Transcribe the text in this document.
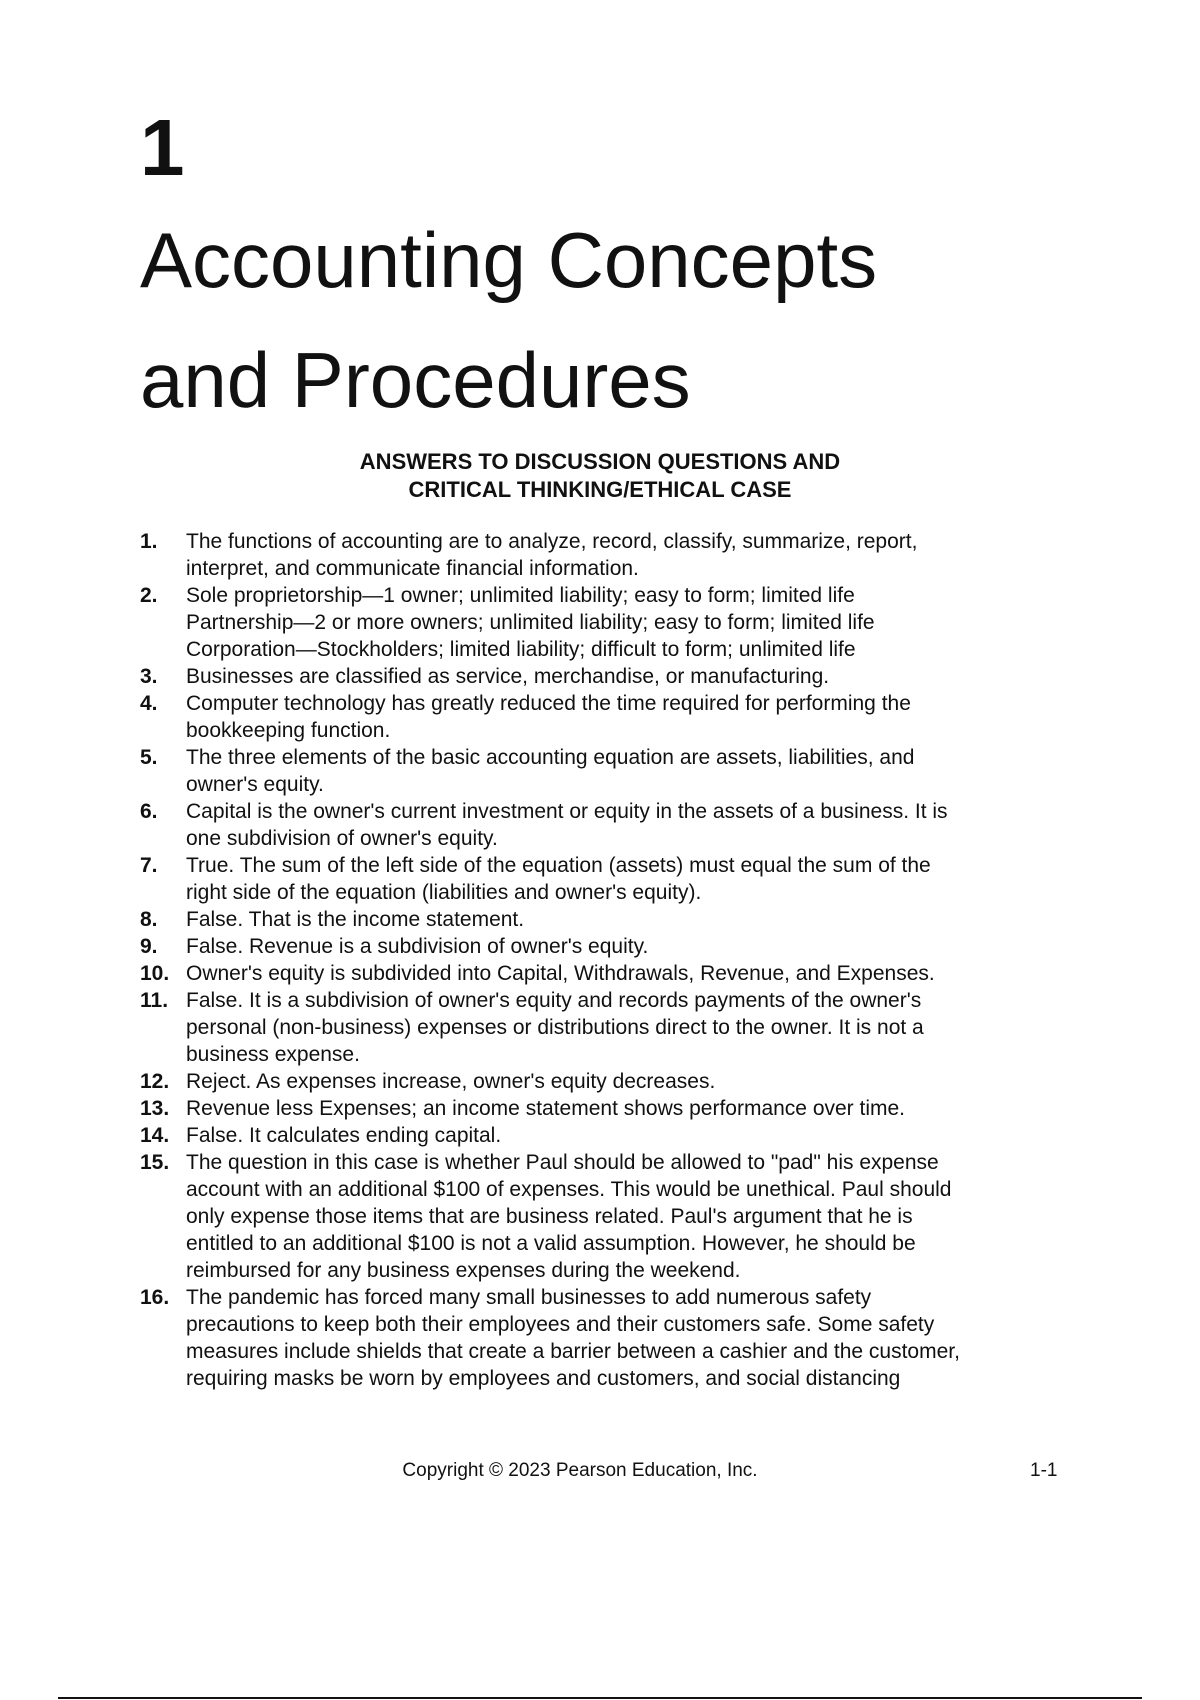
1
Accounting Concepts
and Procedures
ANSWERS TO DISCUSSION QUESTIONS AND
CRITICAL THINKING/ETHICAL CASE
1. The functions of accounting are to analyze, record, classify, summarize, report,
interpret, and communicate financial information.
2. Sole proprietorship—1 owner; unlimited liability; easy to form; limited life
Partnership—2 or more owners; unlimited liability; easy to form; limited life
Corporation—Stockholders; limited liability; difficult to form; unlimited life
3. Businesses are classified as service, merchandise, or manufacturing.
4. Computer technology has greatly reduced the time required for performing the
bookkeeping function.
5. The three elements of the basic accounting equation are assets, liabilities, and
owner's equity.
6. Capital is the owner's current investment or equity in the assets of a business. It is
one subdivision of owner's equity.
7. True. The sum of the left side of the equation (assets) must equal the sum of the
right side of the equation (liabilities and owner's equity).
8. False. That is the income statement.
9. False. Revenue is a subdivision of owner's equity.
10. Owner's equity is subdivided into Capital, Withdrawals, Revenue, and Expenses.
11. False. It is a subdivision of owner's equity and records payments of the owner's
personal (non-business) expenses or distributions direct to the owner. It is not a
business expense.
12. Reject. As expenses increase, owner's equity decreases.
13. Revenue less Expenses; an income statement shows performance over time.
14. False. It calculates ending capital.
15. The question in this case is whether Paul should be allowed to "pad" his expense
account with an additional $100 of expenses. This would be unethical. Paul should
only expense those items that are business related. Paul's argument that he is
entitled to an additional $100 is not a valid assumption. However, he should be
reimbursed for any business expenses during the weekend.
16. The pandemic has forced many small businesses to add numerous safety
precautions to keep both their employees and their customers safe. Some safety
measures include shields that create a barrier between a cashier and the customer,
requiring masks be worn by employees and customers, and social distancing
Copyright © 2023 Pearson Education, Inc.	1-1
